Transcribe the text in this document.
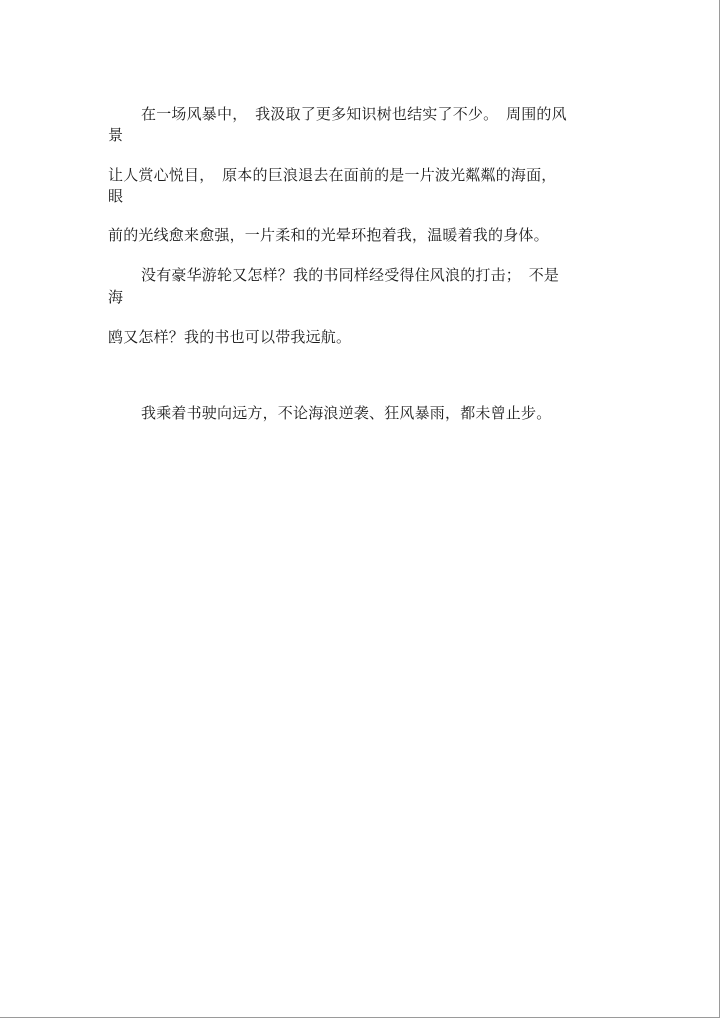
在一场风暴中，　我汲取了更多知识树也结实了不少。　周围的风
景
让人赏心悦目，　原本的巨浪退去在面前的是一片波光粼粼的海面，
眼
前的光线愈来愈强，一片柔和的光晕环抱着我，温暖着我的身体。
没有豪华游轮又怎样？我的书同样经受得住风浪的打击；　不是
海
鸥又怎样？我的书也可以带我远航。
我乘着书驶向远方，不论海浪逆袭、狂风暴雨，都未曾止步。
